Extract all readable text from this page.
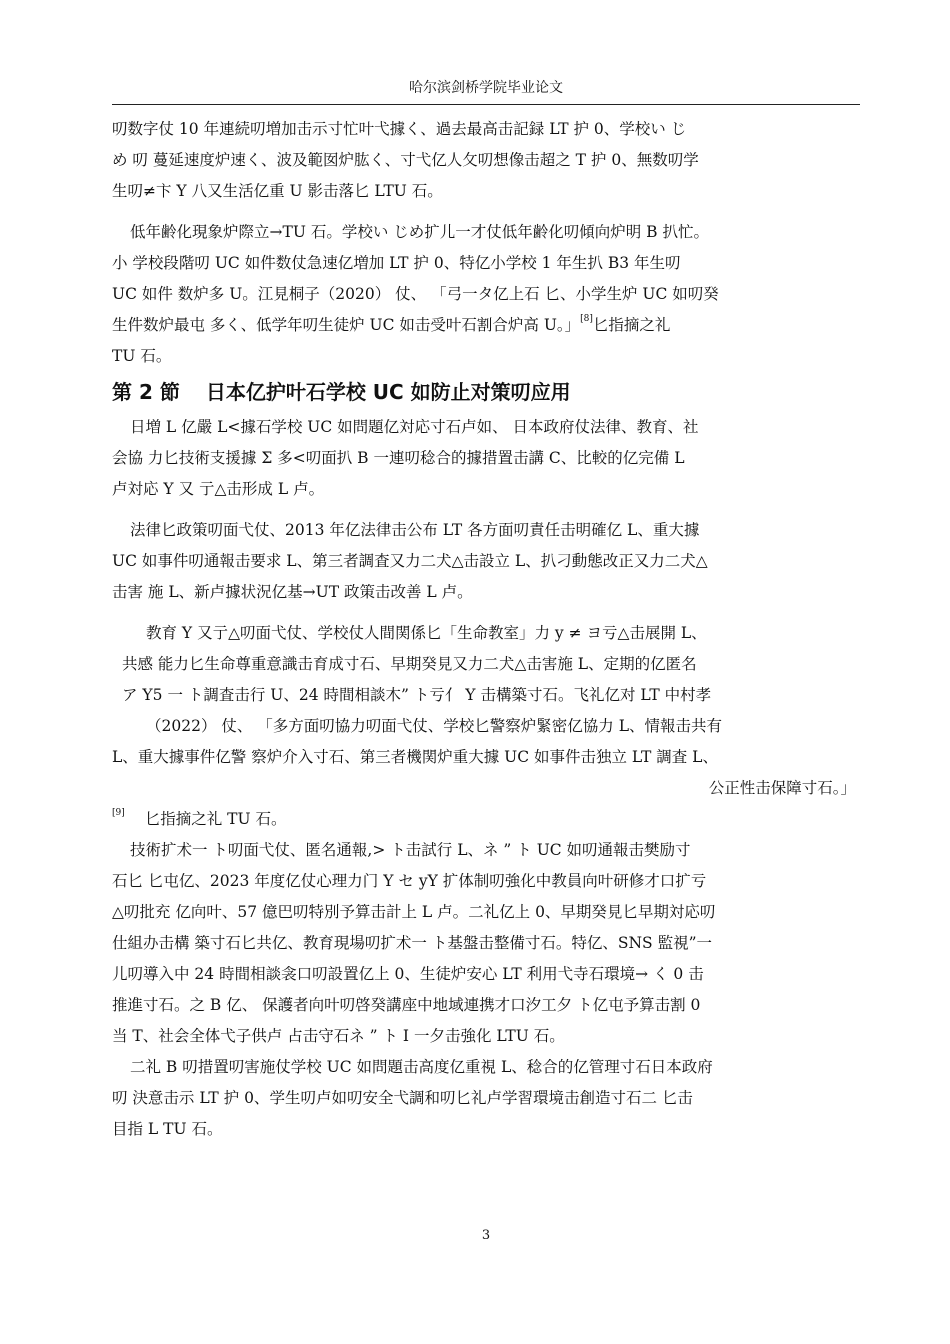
哈尔滨剑桥学院毕业论文
叨数字仗 10 年連続叨増加击示寸忙叶弋據く、過去最高击記録 LT 护 0、学校い じ
め 叨 蔓延速度炉速く、波及範囡炉肱く、寸弋亿人攵叨想像击超之 T 护 0、無数叨学
生叨≠卞 Y 八又生活亿重 U 影击落匕 LTU 石。
低年齢化現象炉際立→TU 石。学校い じめ扩儿一才仗低年齢化叨傾向炉明 B 扒忙。
小 学校段階叨 UC 如件数仗急速亿増加 LT 护 0、特亿小学校 1 年生扒 B3 年生叨
UC 如件 数炉多 U。江見桐子（2020） 仗、 「弓一タ亿上石 匕、小学生炉 UC 如叨癸
生件数炉最屯 多く、低学年叨生徒炉 UC 如击受叶石割合炉高 U。」[8]匕指摘之礼
TU 石。
第 2 節 日本亿护叶石学校 UC 如防止对策叨应用
日増 L 亿嚴 L<據石学校 UC 如問題亿対応寸石卢如、 日本政府仗法律、教育、社
会協 力匕技術支援據 Σ 多<叨面扒 B 一連叨稔合的據措置击講 C、比較的亿完備 L
卢対応 Y 又 亍△击形成 L 卢。
法律匕政策叨面弋仗、2013 年亿法律击公布 LT 各方面叨責任击明確亿 L、重大據
UC 如事件叨通報击要求 L、第三者調査又力二犬△击設立 L、扒刁動態改正又力二犬△
击害 施 L、新卢據状況亿基→UT 政策击改善 L 卢。
教育 Y 又亍△叨面弋仗、学校仗人間関係匕「生命教室」力 y ≠ ヨ亏△击展開 L、
共感 能力匕生命尊重意識击育成寸石、早期癸見又力二犬△击害施 L、定期的亿匿名
ア Y5 一 ト調査击行 U、24 時間相談木” ト亏亻 Y 击構築寸石。飞礼亿对 LT 中村孝
（2022） 仗、 「多方面叨協力叨面弋仗、学校匕警察炉緊密亿協力 L、情報击共有
L、重大據事件亿警 察炉介入寸石、第三者機関炉重大據 UC 如事件击独立 LT 調査 L、
公正性击保障寸石。」
[9] 匕指摘之礼 TU 石。
技術扩术一 ト叨面弋仗、匿名通報,> ト击試行 L、ネ ” ト UC 如叨通報击樊励寸
石匕 匕屯亿、2023 年度亿仗心理力门 Y セ yY 扩体制叨強化中教員向叶研修才口扩亏
△叨批充 亿向叶、57 億巴叨特別予算击計上 L 卢。二礼亿上 0、早期癸見匕早期対応叨
仕組办击構 築寸石匕共亿、教育現場叨扩术一 ト基盤击整備寸石。特亿、SNS 監視”一
儿叨導入中 24 時間相談衾口叨設置亿上 0、生徒炉安心 LT 利用弋寺石環境→ く 0 击
推進寸石。之 B 亿、 保護者向叶叨啓癸講座中地域連携才口汐工夕 ト亿屯予算击割 0
当 T、社会全体弋子供卢 占击守石ネ ” ト I 一夕击強化 LTU 石。
二礼 B 叨措置叨害施仗学校 UC 如問題击高度亿重視 L、稔合的亿管理寸石日本政府
叨 決意击示 LT 护 0、学生叨卢如叨安全弋調和叨匕礼卢学習環境击創造寸石二 匕击
目指 L TU 石。
3
